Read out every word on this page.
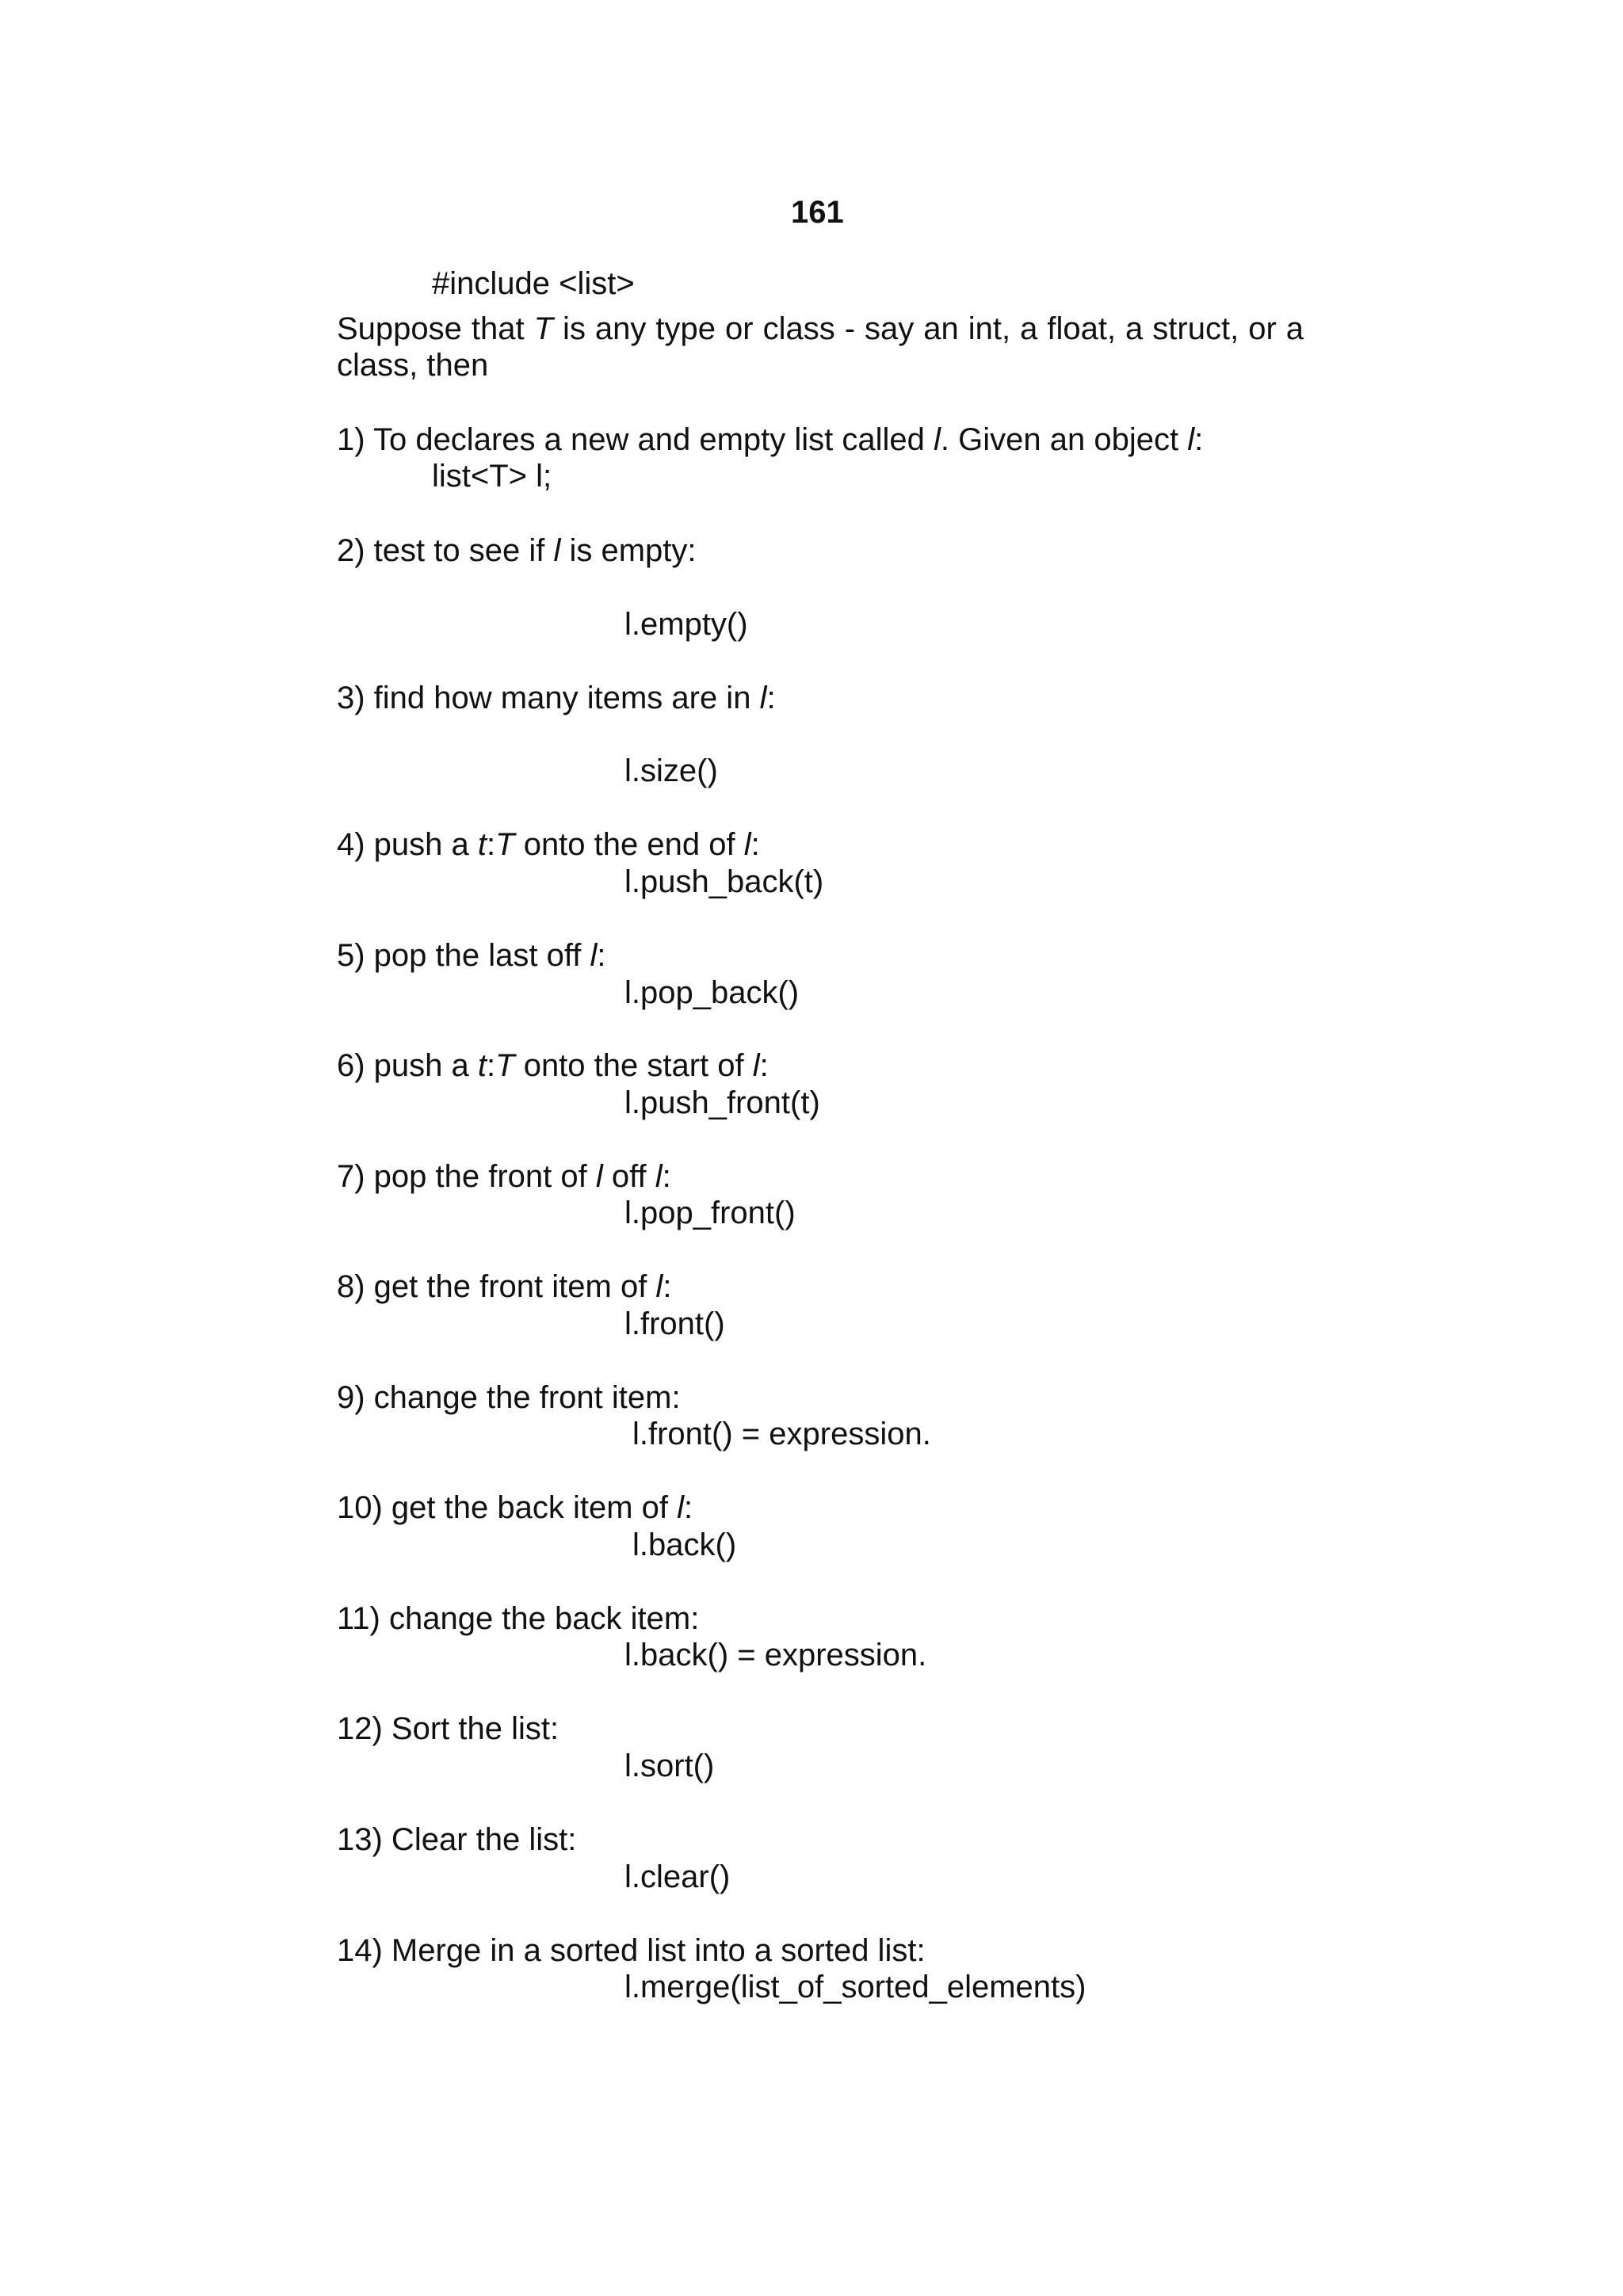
161
#include <list>
Suppose that T is any type or class - say an int, a float, a struct, or a class, then
1) To declares a new and empty list called l. Given an object l:
list<T> l;
2) test to see if l is empty:
l.empty()
3) find how many items are in l:
l.size()
4) push a t:T onto the end of l:
l.push_back(t)
5) pop the last off l:
l.pop_back()
6) push a t:T onto the start of l:
l.push_front(t)
7) pop the front of l off l:
l.pop_front()
8) get the front item of l:
l.front()
9) change the front item:
l.front() = expression.
10) get the back item of l:
l.back()
11) change the back item:
l.back() = expression.
12) Sort the list:
l.sort()
13) Clear the list:
l.clear()
14) Merge in a sorted list into a sorted list:
l.merge(list_of_sorted_elements)
